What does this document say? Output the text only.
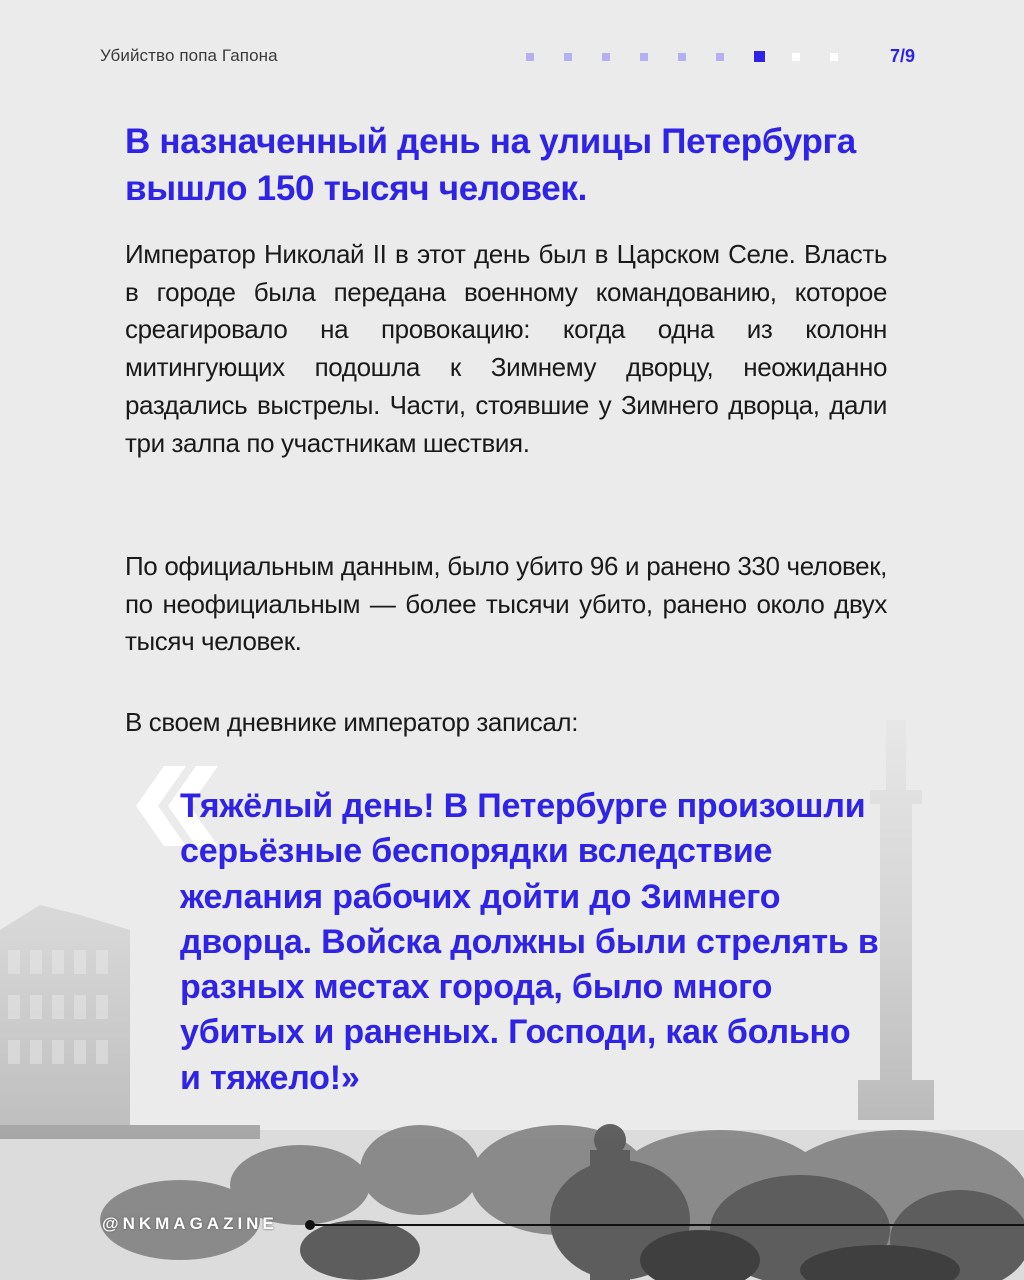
Убийство попа Гапона	7/9
В назначенный день на улицы Петербурга вышло 150 тысяч человек.

Император Николай II в этот день был в Царском Селе. Власть в городе была передана военному командованию, которое среагировало на провокацию: когда одна из колонн митингующих подошла к Зимнему дворцу, неожиданно раздались выстрелы. Части, стоявшие у Зимнего дворца, дали три залпа по участникам шествия.

По официальным данным, было убито 96 и ранено 330 человек, по неофициальным — более тысячи убито, ранено около двух тысяч человек.

В своем дневнике император записал:

Тяжёлый день! В Петербурге произошли серьёзные беспорядки вследствие желания рабочих дойти до Зимнего дворца. Войска должны были стрелять в разных местах города, было много убитых и раненых. Господи, как больно и тяжело!»

@NKMAGAZINE
